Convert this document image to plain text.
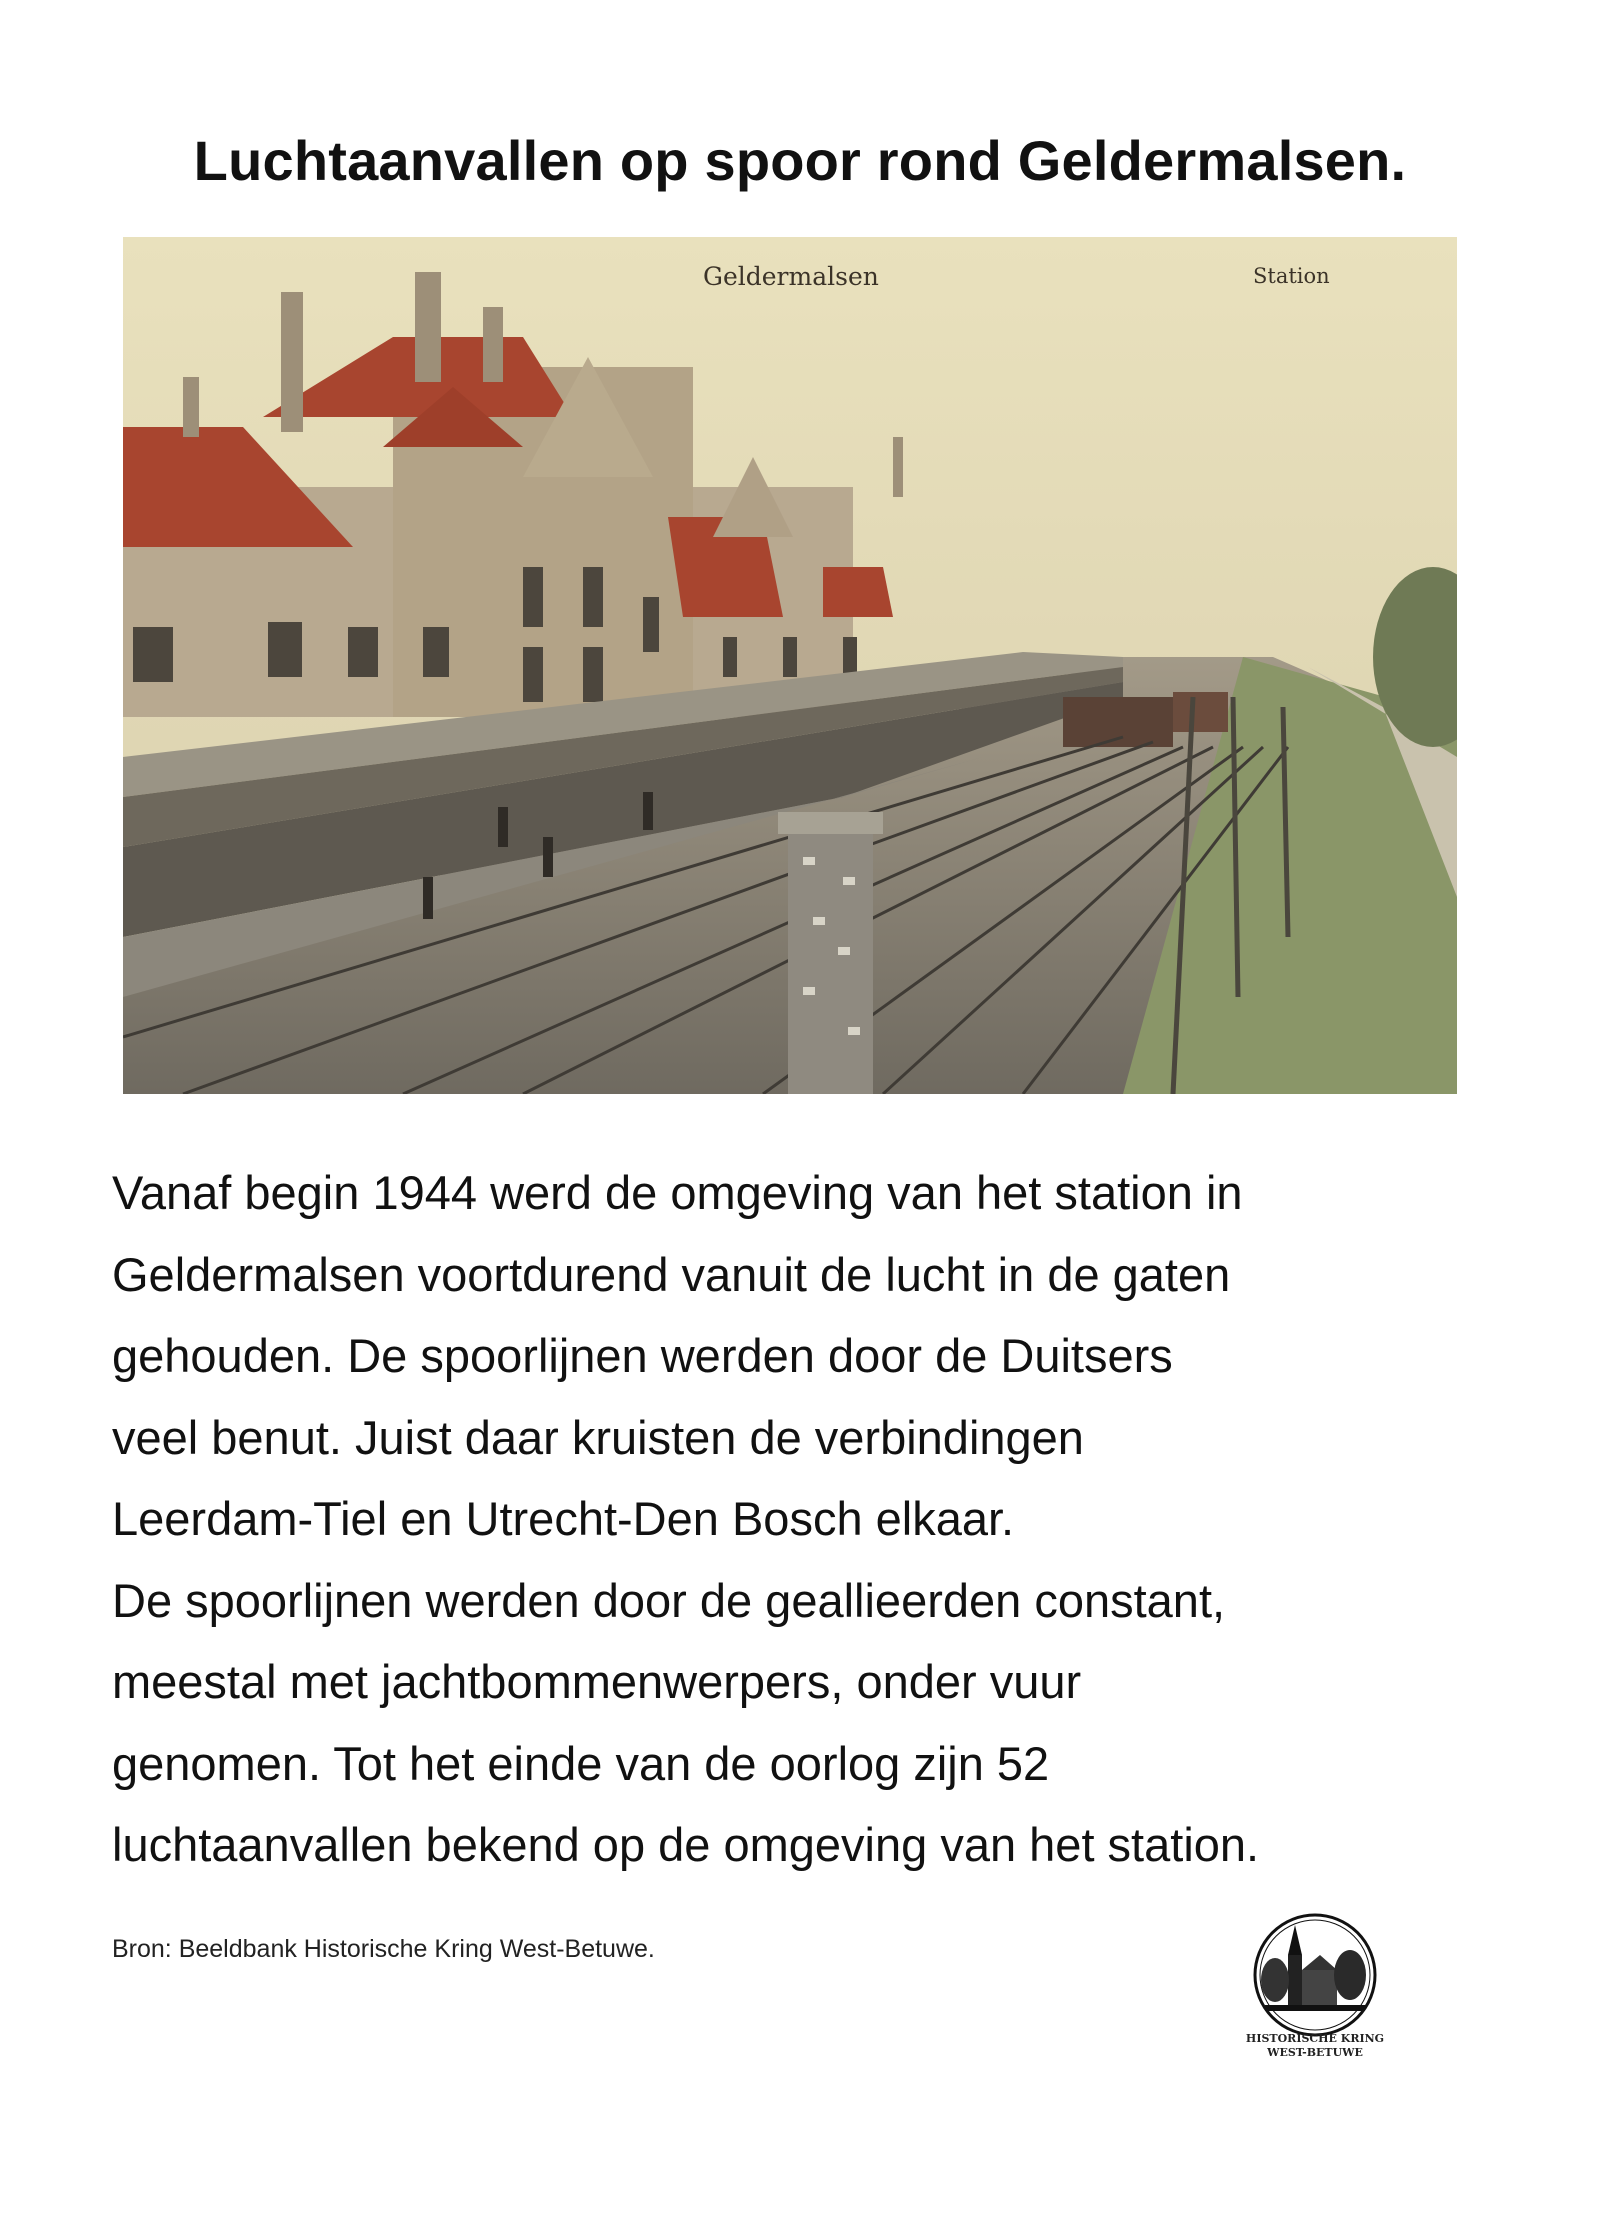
Luchtaanvallen op spoor rond Geldermalsen.
Geldermalsen	Station
Vanaf begin 1944 werd de omgeving van het station in
Geldermalsen voortdurend vanuit de lucht in de gaten
gehouden. De spoorlijnen werden door de Duitsers
veel benut. Juist daar kruisten de verbindingen
Leerdam-Tiel en Utrecht-Den Bosch elkaar.
De spoorlijnen werden door de geallieerden constant,
meestal met jachtbommenwerpers, onder vuur
genomen. Tot het einde van de oorlog zijn 52
luchtaanvallen bekend op de omgeving van het station.

Bron: Beeldbank Historische Kring West-Betuwe.

HISTORISCHE KRING
WEST-BETUWE
